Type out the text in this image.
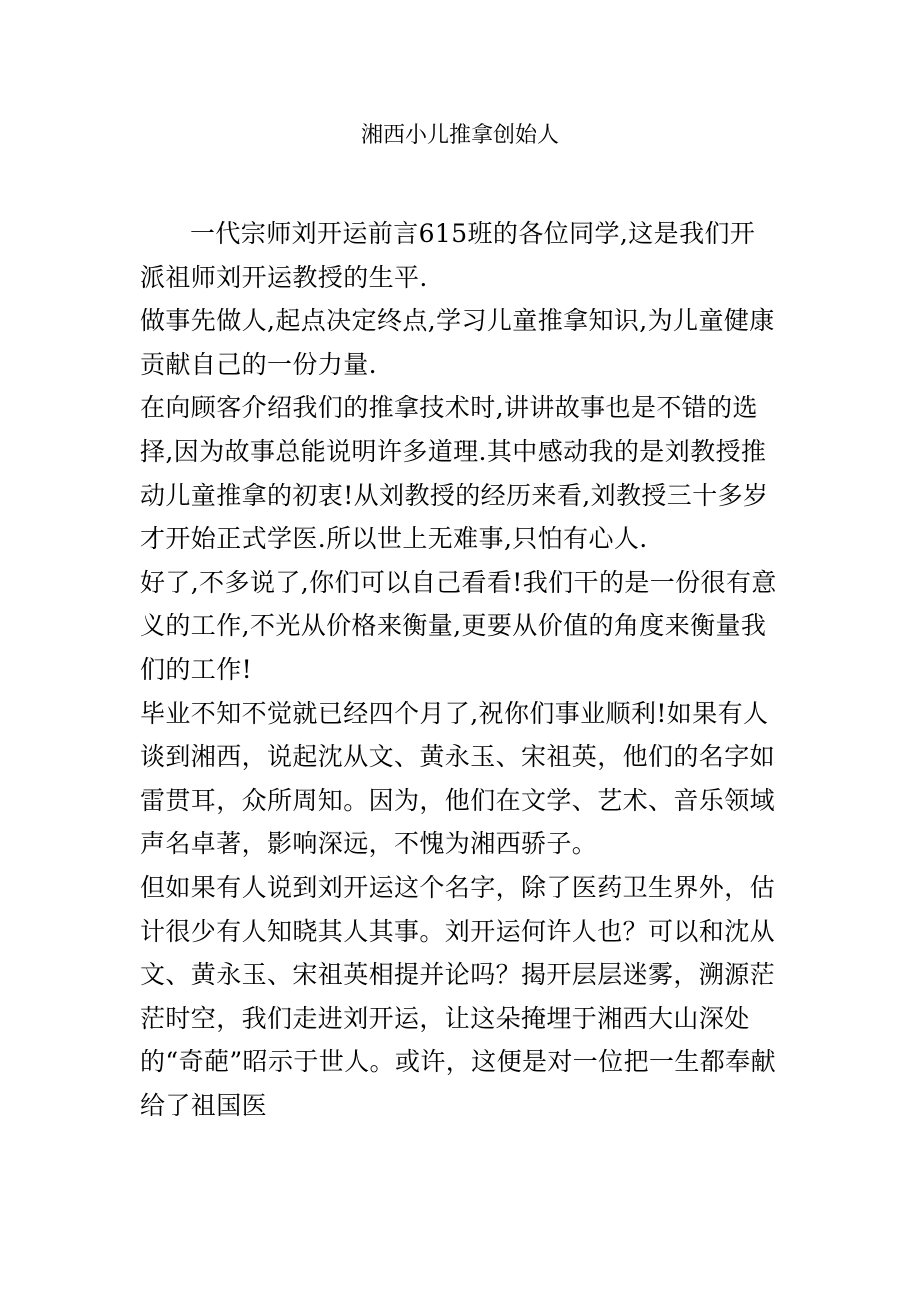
湘西小儿推拿创始人

一代宗师刘开运前言615班的各位同学,这是我们开派祖师刘开运教授的生平.

做事先做人,起点决定终点,学习儿童推拿知识,为儿童健康贡献自己的一份力量.

在向顾客介绍我们的推拿技术时,讲讲故事也是不错的选择,因为故事总能说明许多道理.其中感动我的是刘教授推动儿童推拿的初衷!从刘教授的经历来看,刘教授三十多岁才开始正式学医.所以世上无难事,只怕有心人.

好了,不多说了,你们可以自己看看!我们干的是一份很有意义的工作,不光从价格来衡量,更要从价值的角度来衡量我们的工作!

毕业不知不觉就已经四个月了,祝你们事业顺利!如果有人谈到湘西，说起沈从文、黄永玉、宋祖英，他们的名字如雷贯耳，众所周知。因为，他们在文学、艺术、音乐领域声名卓著，影响深远，不愧为湘西骄子。

但如果有人说到刘开运这个名字，除了医药卫生界外，估计很少有人知晓其人其事。刘开运何许人也？可以和沈从文、黄永玉、宋祖英相提并论吗？揭开层层迷雾，溯源茫茫时空，我们走进刘开运，让这朵掩埋于湘西大山深处的“奇葩”昭示于世人。或许，这便是对一位把一生都奉献给了祖国医
